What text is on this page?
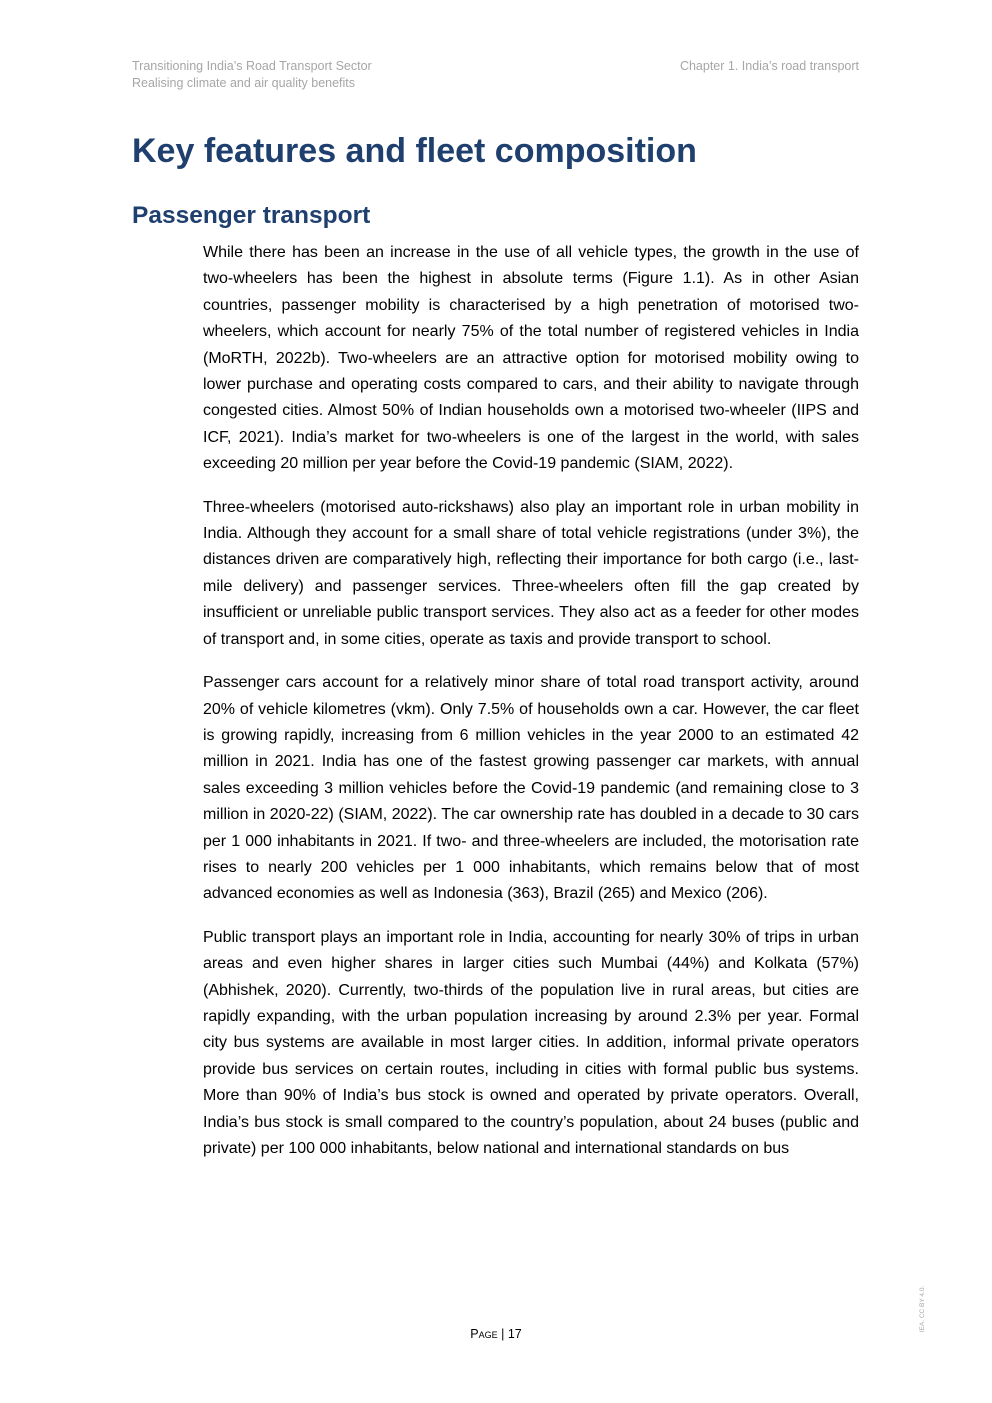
Transitioning India’s Road Transport Sector
Realising climate and air quality benefits
Chapter 1. India’s road transport
Key features and fleet composition
Passenger transport

While there has been an increase in the use of all vehicle types, the growth in the use of two-wheelers has been the highest in absolute terms (Figure 1.1). As in other Asian countries, passenger mobility is characterised by a high penetration of motorised two-wheelers, which account for nearly 75% of the total number of registered vehicles in India (MoRTH, 2022b). Two-wheelers are an attractive option for motorised mobility owing to lower purchase and operating costs compared to cars, and their ability to navigate through congested cities. Almost 50% of Indian households own a motorised two-wheeler (IIPS and ICF, 2021). India’s market for two-wheelers is one of the largest in the world, with sales exceeding 20 million per year before the Covid-19 pandemic (SIAM, 2022).

Three-wheelers (motorised auto-rickshaws) also play an important role in urban mobility in India. Although they account for a small share of total vehicle registrations (under 3%), the distances driven are comparatively high, reflecting their importance for both cargo (i.e., last-mile delivery) and passenger services. Three-wheelers often fill the gap created by insufficient or unreliable public transport services. They also act as a feeder for other modes of transport and, in some cities, operate as taxis and provide transport to school.

Passenger cars account for a relatively minor share of total road transport activity, around 20% of vehicle kilometres (vkm). Only 7.5% of households own a car. However, the car fleet is growing rapidly, increasing from 6 million vehicles in the year 2000 to an estimated 42 million in 2021. India has one of the fastest growing passenger car markets, with annual sales exceeding 3 million vehicles before the Covid-19 pandemic (and remaining close to 3 million in 2020-22) (SIAM, 2022). The car ownership rate has doubled in a decade to 30 cars per 1 000 inhabitants in 2021. If two- and three-wheelers are included, the motorisation rate rises to nearly 200 vehicles per 1 000 inhabitants, which remains below that of most advanced economies as well as Indonesia (363), Brazil (265) and Mexico (206).

Public transport plays an important role in India, accounting for nearly 30% of trips in urban areas and even higher shares in larger cities such Mumbai (44%) and Kolkata (57%) (Abhishek, 2020). Currently, two-thirds of the population live in rural areas, but cities are rapidly expanding, with the urban population increasing by around 2.3% per year. Formal city bus systems are available in most larger cities. In addition, informal private operators provide bus services on certain routes, including in cities with formal public bus systems. More than 90% of India’s bus stock is owned and operated by private operators. Overall, India’s bus stock is small compared to the country’s population, about 24 buses (public and private) per 100 000 inhabitants, below national and international standards on bus

Page | 17
IEA. CC BY 4.0.
